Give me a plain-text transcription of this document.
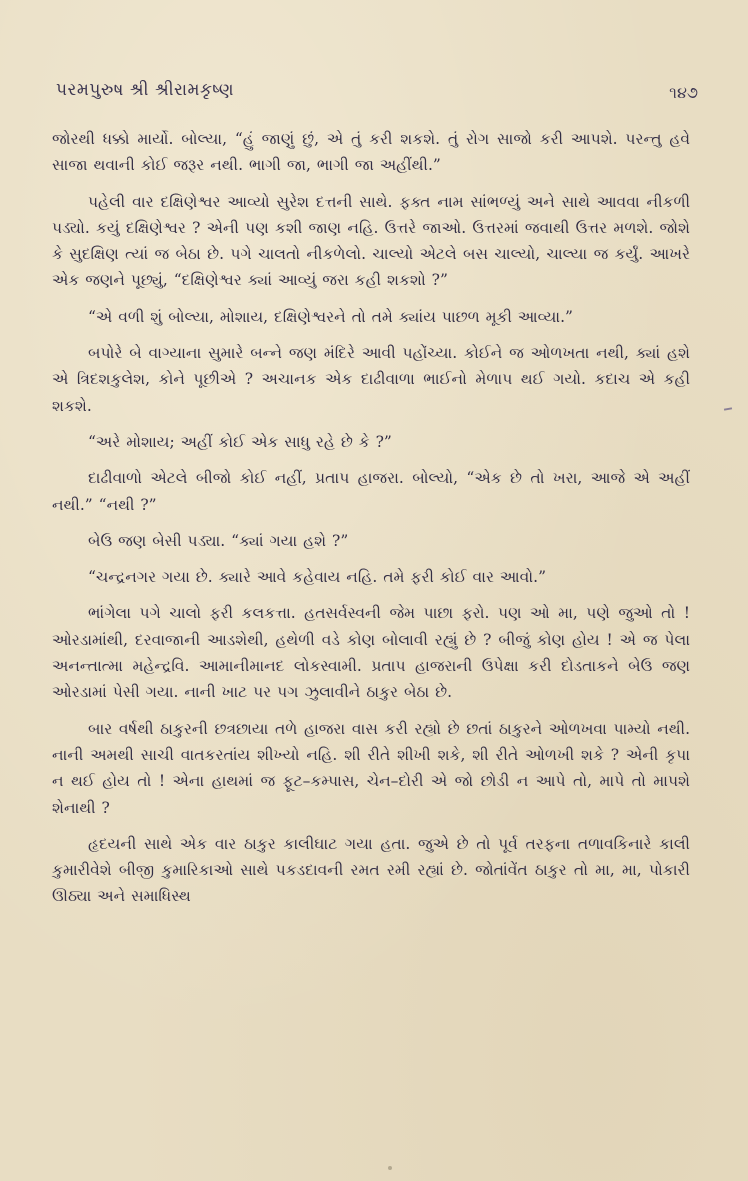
પરમપુરુષ શ્રી શ્રીરામકૃષ્ણ	૧૪૭

જોરથી ધક્કો માર્યો. બોલ્યા, “હું જાણું છું, એ તું કરી શકશે. તું રોગ સાજો કરી આપશે. પરન્તુ હવે સાજા થવાની કોઈ જરૂર નથી. ભાગી જા, ભાગી જા અહીંથી.”

પહેલી વાર દક્ષિણેશ્વર આવ્યો સુરેશ દત્તની સાથે. ફક્ત નામ સાંભળ્યું અને સાથે આવવા નીકળી પડ્યો. કયું દક્ષિણેશ્વર ? એની પણ કશી જાણ નહિ. ઉત્તરે જાઓ. ઉત્તરમાં જવાથી ઉત્તર મળશે. જોશે કે સુદક્ષિણ ત્યાં જ બેઠા છે. પગે ચાલતો નીકળેલો. ચાલ્યો એટલે બસ ચાલ્યો, ચાલ્યા જ કર્યું. આખરે એક જણને પૂછ્યું, “દક્ષિણેશ્વર ક્યાં આવ્યું જરા કહી શકશો ?”

“એ વળી શું બોલ્યા, મોશાય, દક્ષિણેશ્વરને તો તમે ક્યાંય પાછળ મૂકી આવ્યા.”

બપોરે બે વાગ્યાના સુમારે બન્ને જણ મંદિરે આવી પહોંચ્યા. કોઈને જ ઓળખતા નથી, ક્યાં હશે એ ત્રિદશકુલેશ, કોને પૂછીએ ? અચાનક એક દાઢીવાળા ભાઈનો મેળાપ થઈ ગયો. કદાચ એ કહી શકશે.

“અરે મોશાય; અહીં કોઈ એક સાધુ રહે છે કે ?”

દાઢીવાળો એટલે બીજો કોઈ નહીં, પ્રતાપ હાજરા. બોલ્યો, “એક છે તો ખરા, આજે એ અહીં નથી.” “નથી ?”

બેઉ જણ બેસી પડ્યા. “ક્યાં ગયા હશે ?”

“ચન્દ્રનગર ગયા છે. ક્યારે આવે કહેવાય નહિ. તમે ફરી કોઈ વાર આવો.”

ભાંગેલા પગે ચાલો ફરી કલકત્તા. હતસર્વસ્વની જેમ પાછા ફરો. પણ ઓ મા, પણે જુઓ તો ! ઓરડામાંથી, દરવાજાની આડશેથી, હથેળી વડે કોણ બોલાવી રહ્યું છે ? બીજું કોણ હોય ! એ જ પેલા અનન્તાત્મા મહેન્દ્રવિ. આમાનીમાનદ લોકસ્વામી. પ્રતાપ હાજરાની ઉપેક્ષા કરી દોડતાકને બેઉ જણ ઓરડામાં પેસી ગયા. નાની ખાટ પર પગ ઝુલાવીને ઠાકુર બેઠા છે.

બાર વર્ષથી ઠાકુરની છત્રછાયા તળે હાજરા વાસ કરી રહ્યો છે છતાં ઠાકુરને ઓળખવા પામ્યો નથી. નાની અમથી સાચી વાતકરતાંય શીખ્યો નહિ. શી રીતે શીખી શકે, શી રીતે ઓળખી શકે ? એની કૃપા ન થઈ હોય તો ! એના હાથમાં જ ફૂટ–કમ્પાસ, ચેન–દોરી એ જો છોડી ન આપે તો, માપે તો માપશે શેનાથી ?

હૃદયની સાથે એક વાર ઠાકુર કાલીઘાટ ગયા હતા. જુએ છે તો પૂર્વ તરફના તળાવકિનારે કાલી કુમારીવેશે બીજી કુમારિકાઓ સાથે પકડદાવની રમત રમી રહ્યાં છે. જોતાંવેંત ઠાકુર તો મા, મા, પોકારી ઊઠ્યા અને સમાધિસ્થ
